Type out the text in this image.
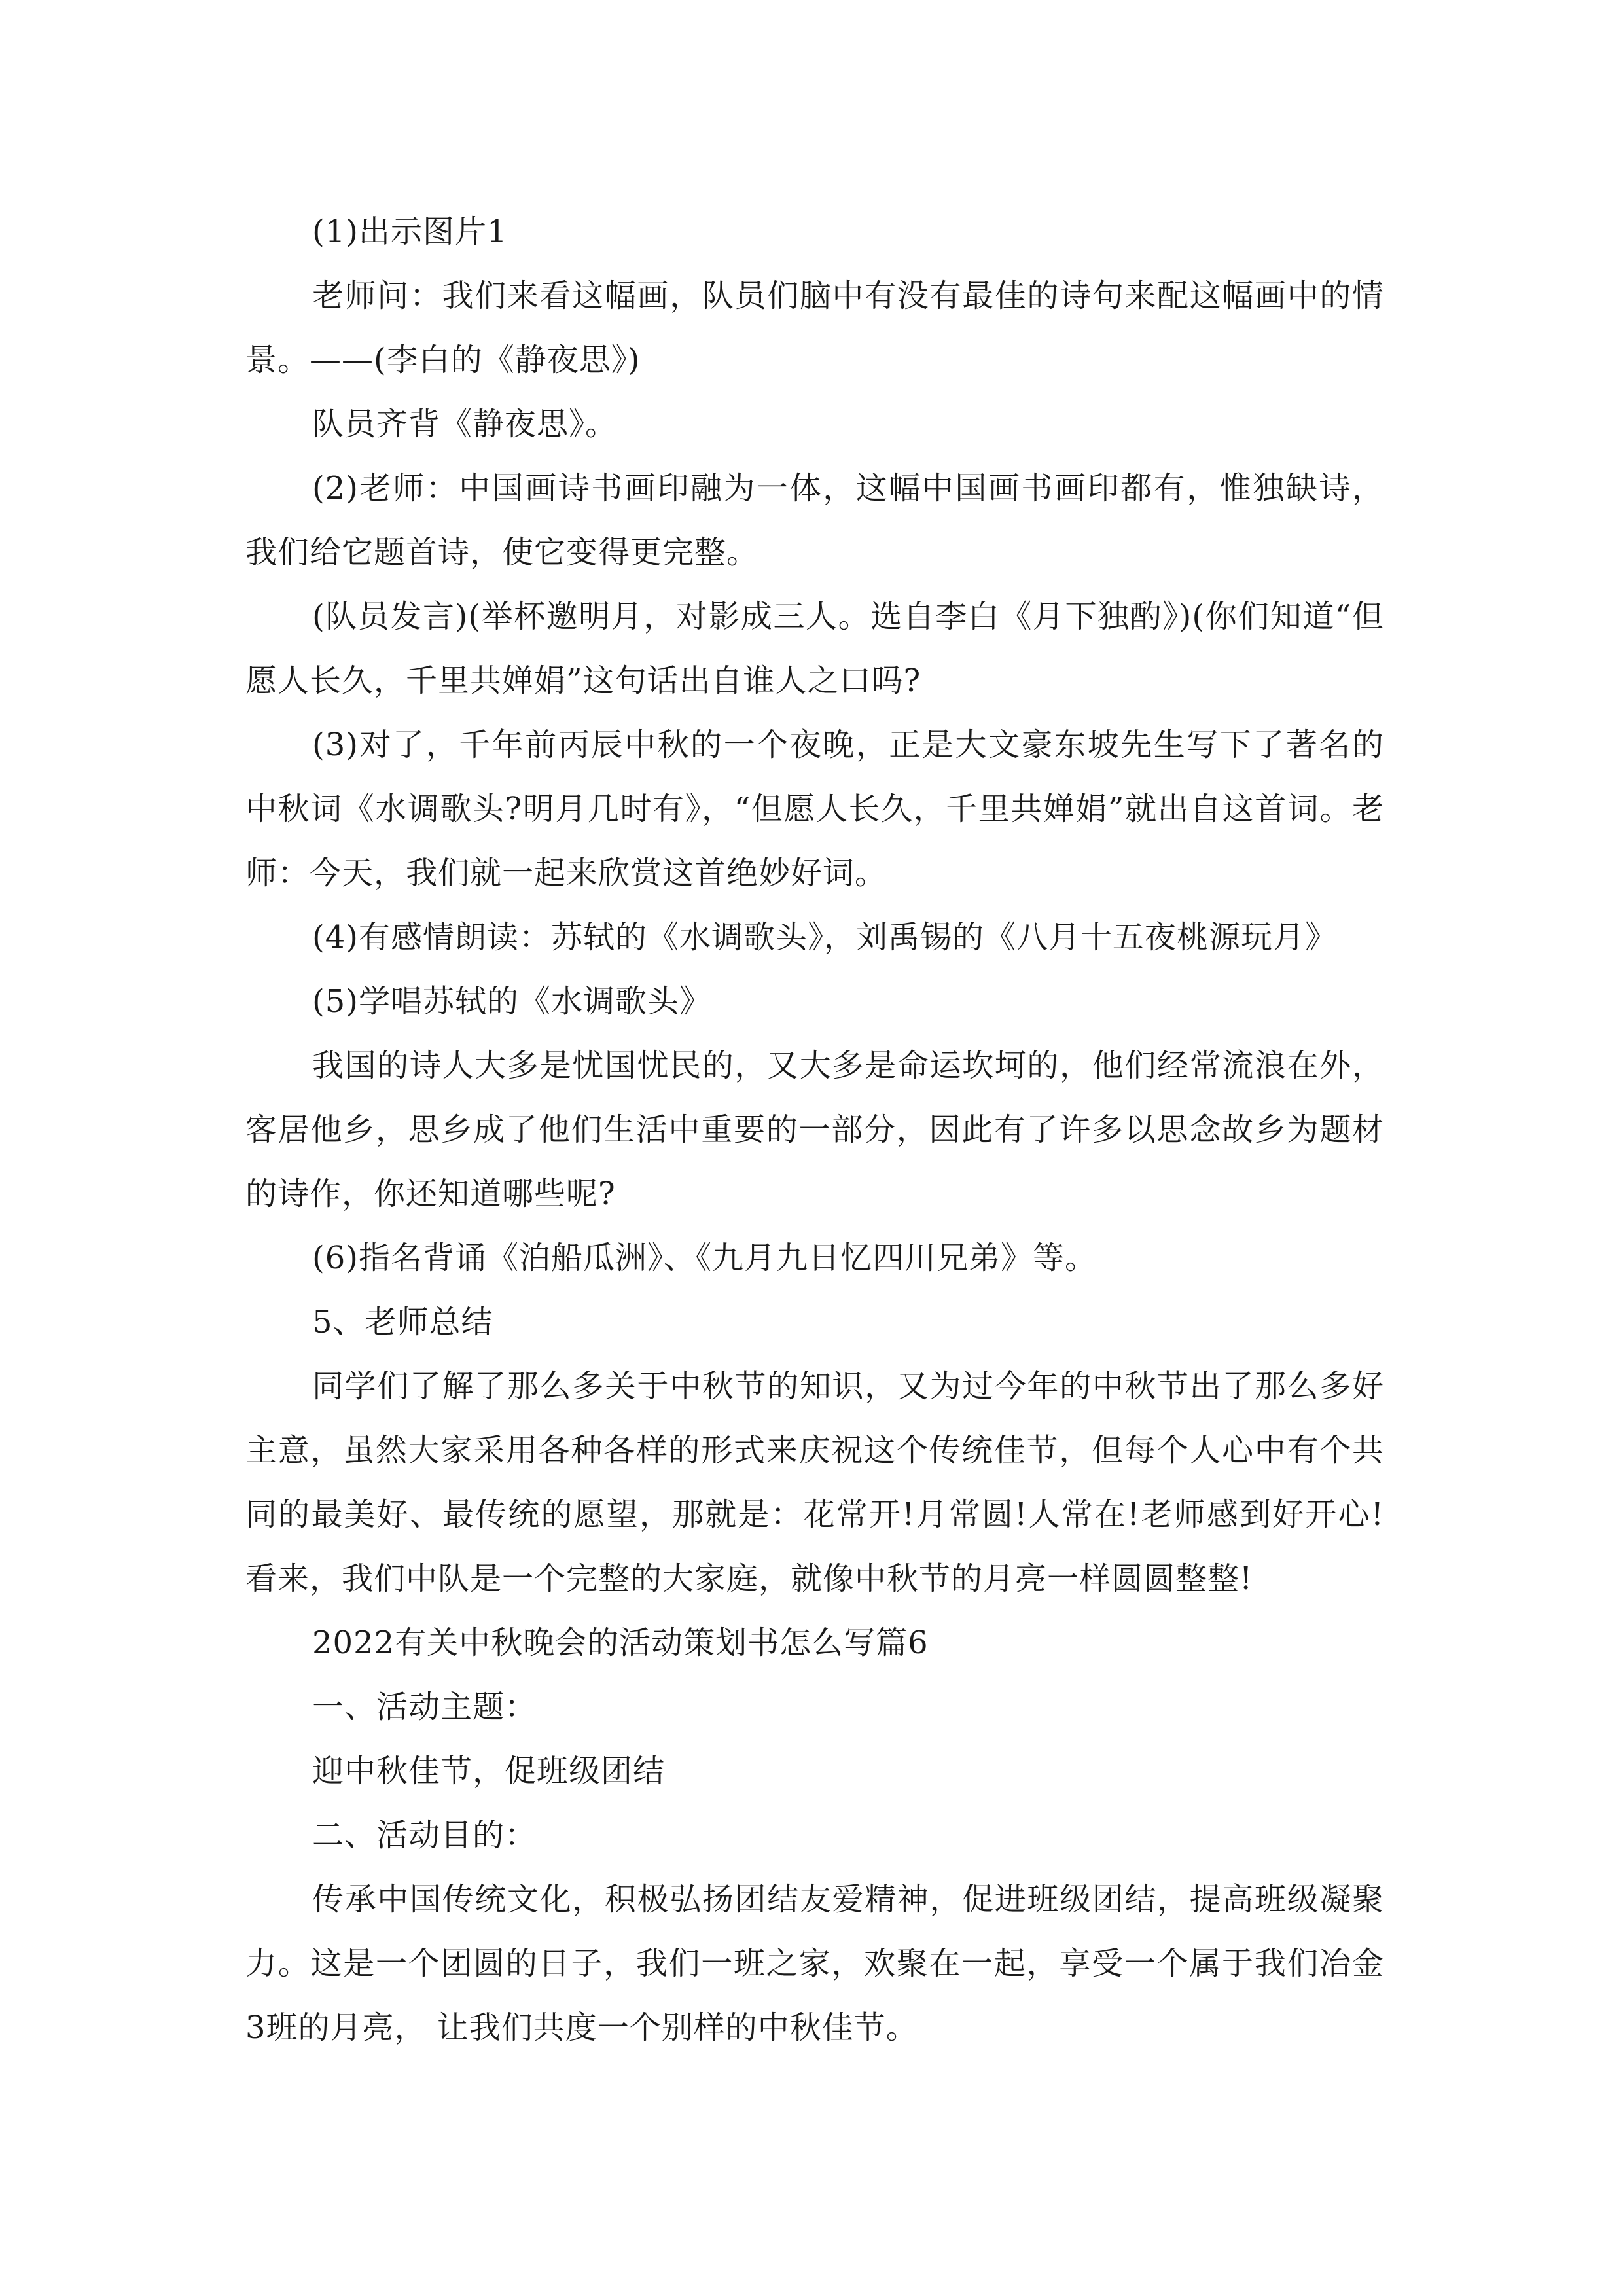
(1)出示图片1

老师问：我们来看这幅画，队员们脑中有没有最佳的诗句来配这幅画中的情景。——(李白的《静夜思》)

队员齐背《静夜思》。

(2)老师：中国画诗书画印融为一体，这幅中国画书画印都有，惟独缺诗，我们给它题首诗，使它变得更完整。

(队员发言)(举杯邀明月，对影成三人。选自李白《月下独酌》)(你们知道“但愿人长久，千里共婵娟”这句话出自谁人之口吗?

(3)对了，千年前丙辰中秋的一个夜晚，正是大文豪东坡先生写下了著名的中秋词《水调歌头?明月几时有》，“但愿人长久，千里共婵娟”就出自这首词。老师：今天，我们就一起来欣赏这首绝妙好词。

(4)有感情朗读：苏轼的《水调歌头》，刘禹锡的《八月十五夜桃源玩月》

(5)学唱苏轼的《水调歌头》

我国的诗人大多是忧国忧民的，又大多是命运坎坷的，他们经常流浪在外，客居他乡，思乡成了他们生活中重要的一部分，因此有了许多以思念故乡为题材的诗作，你还知道哪些呢?

(6)指名背诵《泊船瓜洲》、《九月九日忆四川兄弟》等。

5、老师总结

同学们了解了那么多关于中秋节的知识，又为过今年的中秋节出了那么多好主意，虽然大家采用各种各样的形式来庆祝这个传统佳节，但每个人心中有个共同的最美好、最传统的愿望，那就是：花常开!月常圆!人常在!老师感到好开心!看来，我们中队是一个完整的大家庭，就像中秋节的月亮一样圆圆整整!

2022有关中秋晚会的活动策划书怎么写篇6

一、活动主题：

迎中秋佳节，促班级团结

二、活动目的：

传承中国传统文化，积极弘扬团结友爱精神，促进班级团结，提高班级凝聚力。这是一个团圆的日子，我们一班之家，欢聚在一起，享受一个属于我们冶金3班的月亮， 让我们共度一个别样的中秋佳节。
